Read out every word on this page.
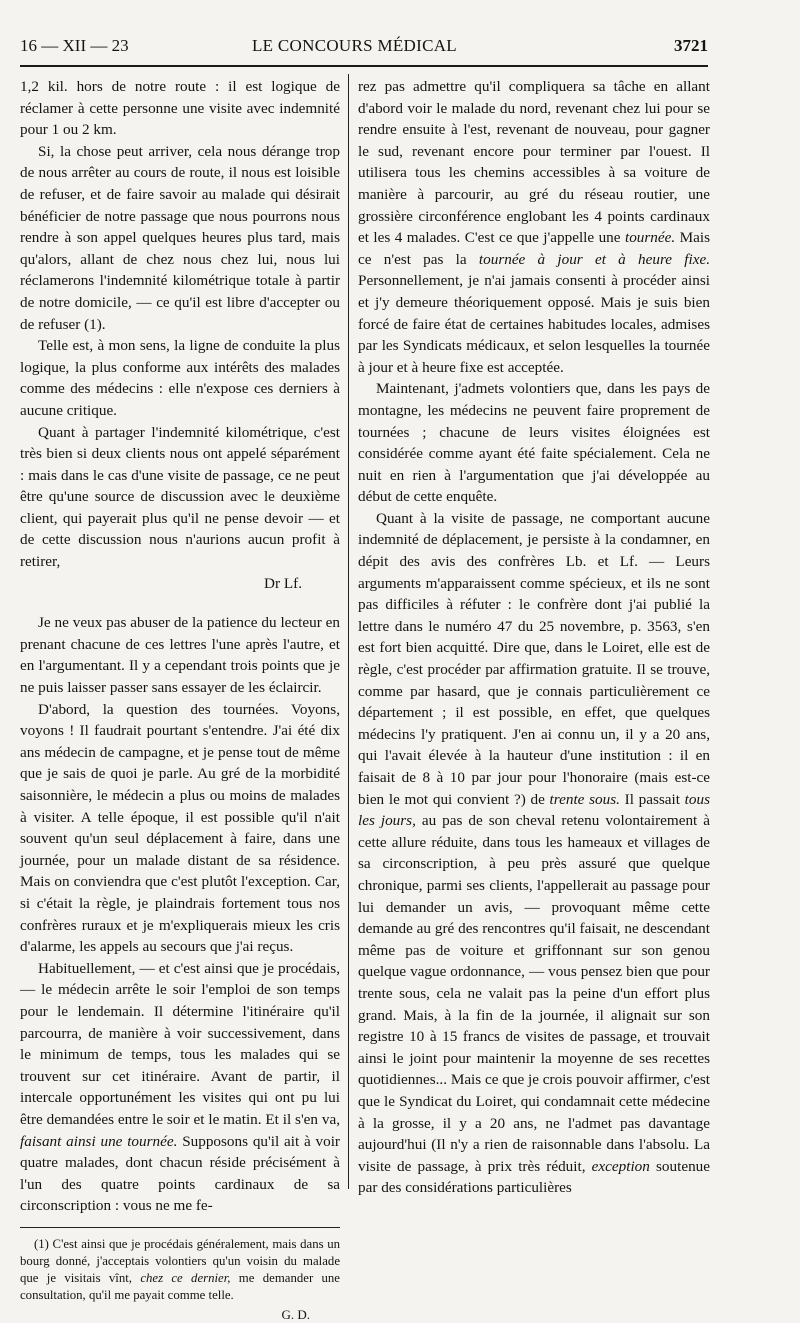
16 — XII — 23	LE CONCOURS MÉDICAL	3721

1,2 kil. hors de notre route : il est logique de réclamer à cette personne une visite avec indemnité pour 1 ou 2 km.

Si, la chose peut arriver, cela nous dérange trop de nous arrêter au cours de route, il nous est loisible de refuser, et de faire savoir au malade qui désirait bénéficier de notre passage que nous pourrons nous rendre à son appel quelques heures plus tard, mais qu'alors, allant de chez nous chez lui, nous lui réclamerons l'indemnité kilométrique totale à partir de notre domicile, — ce qu'il est libre d'accepter ou de refuser (1).

Telle est, à mon sens, la ligne de conduite la plus logique, la plus conforme aux intérêts des malades comme des médecins : elle n'expose ces derniers à aucune critique.

Quant à partager l'indemnité kilométrique, c'est très bien si deux clients nous ont appelé séparément : mais dans le cas d'une visite de passage, ce ne peut être qu'une source de discussion avec le deuxième client, qui payerait plus qu'il ne pense devoir — et de cette discussion nous n'aurions aucun profit à retirer,

Dr Lf.

Je ne veux pas abuser de la patience du lecteur en prenant chacune de ces lettres l'une après l'autre, et en l'argumentant. Il y a cependant trois points que je ne puis laisser passer sans essayer de les éclaircir.

D'abord, la question des tournées. Voyons, voyons ! Il faudrait pourtant s'entendre. J'ai été dix ans médecin de campagne, et je pense tout de même que je sais de quoi je parle. Au gré de la morbidité saisonnière, le médecin a plus ou moins de malades à visiter. A telle époque, il est possible qu'il n'ait souvent qu'un seul déplacement à faire, dans une journée, pour un malade distant de sa résidence. Mais on conviendra que c'est plutôt l'exception. Car, si c'était la règle, je plaindrais fortement tous nos confrères ruraux et je m'expliquerais mieux les cris d'alarme, les appels au secours que j'ai reçus.

Habituellement, — et c'est ainsi que je procédais, — le médecin arrête le soir l'emploi de son temps pour le lendemain. Il détermine l'itinéraire qu'il parcourra, de manière à voir successivement, dans le minimum de temps, tous les malades qui se trouvent sur cet itinéraire. Avant de partir, il intercale opportunément les visites qui ont pu lui être demandées entre le soir et le matin. Et il s'en va, faisant ainsi une tournée. Supposons qu'il ait à voir quatre malades, dont chacun réside précisément à l'un des quatre points cardinaux de sa circonscription : vous ne me fe-

(1) C'est ainsi que je procédais généralement, mais dans un bourg donné, j'acceptais volontiers qu'un voisin du malade que je visitais vînt, chez ce dernier, me demander une consultation, qu'il me payait comme telle.

G. D.

rez pas admettre qu'il compliquera sa tâche en allant d'abord voir le malade du nord, revenant chez lui pour se rendre ensuite à l'est, revenant de nouveau, pour gagner le sud, revenant encore pour terminer par l'ouest. Il utilisera tous les chemins accessibles à sa voiture de manière à parcourir, au gré du réseau routier, une grossière circonférence englobant les 4 points cardinaux et les 4 malades. C'est ce que j'appelle une tournée. Mais ce n'est pas la tournée à jour et à heure fixe. Personnellement, je n'ai jamais consenti à procéder ainsi et j'y demeure théoriquement opposé. Mais je suis bien forcé de faire état de certaines habitudes locales, admises par les Syndicats médicaux, et selon lesquelles la tournée à jour et à heure fixe est acceptée.

Maintenant, j'admets volontiers que, dans les pays de montagne, les médecins ne peuvent faire proprement de tournées ; chacune de leurs visites éloignées est considérée comme ayant été faite spécialement. Cela ne nuit en rien à l'argumentation que j'ai développée au début de cette enquête.

Quant à la visite de passage, ne comportant aucune indemnité de déplacement, je persiste à la condamner, en dépit des avis des confrères Lb. et Lf. — Leurs arguments m'apparaissent comme spécieux, et ils ne sont pas difficiles à réfuter : le confrère dont j'ai publié la lettre dans le numéro 47 du 25 novembre, p. 3563, s'en est fort bien acquitté. Dire que, dans le Loiret, elle est de règle, c'est procéder par affirmation gratuite. Il se trouve, comme par hasard, que je connais particulièrement ce département ; il est possible, en effet, que quelques médecins l'y pratiquent. J'en ai connu un, il y a 20 ans, qui l'avait élevée à la hauteur d'une institution : il en faisait de 8 à 10 par jour pour l'honoraire (mais est-ce bien le mot qui convient ?) de trente sous. Il passait tous les jours, au pas de son cheval retenu volontairement à cette allure réduite, dans tous les hameaux et villages de sa circonscription, à peu près assuré que quelque chronique, parmi ses clients, l'appellerait au passage pour lui demander un avis, — provoquant même cette demande au gré des rencontres qu'il faisait, ne descendant même pas de voiture et griffonnant sur son genou quelque vague ordonnance, — vous pensez bien que pour trente sous, cela ne valait pas la peine d'un effort plus grand. Mais, à la fin de la journée, il alignait sur son registre 10 à 15 francs de visites de passage, et trouvait ainsi le joint pour maintenir la moyenne de ses recettes quotidiennes... Mais ce que je crois pouvoir affirmer, c'est que le Syndicat du Loiret, qui condamnait cette médecine à la grosse, il y a 20 ans, ne l'admet pas davantage aujourd'hui (Il n'y a rien de raisonnable dans l'absolu. La visite de passage, à prix très réduit, exception soutenue par des considérations particulières
